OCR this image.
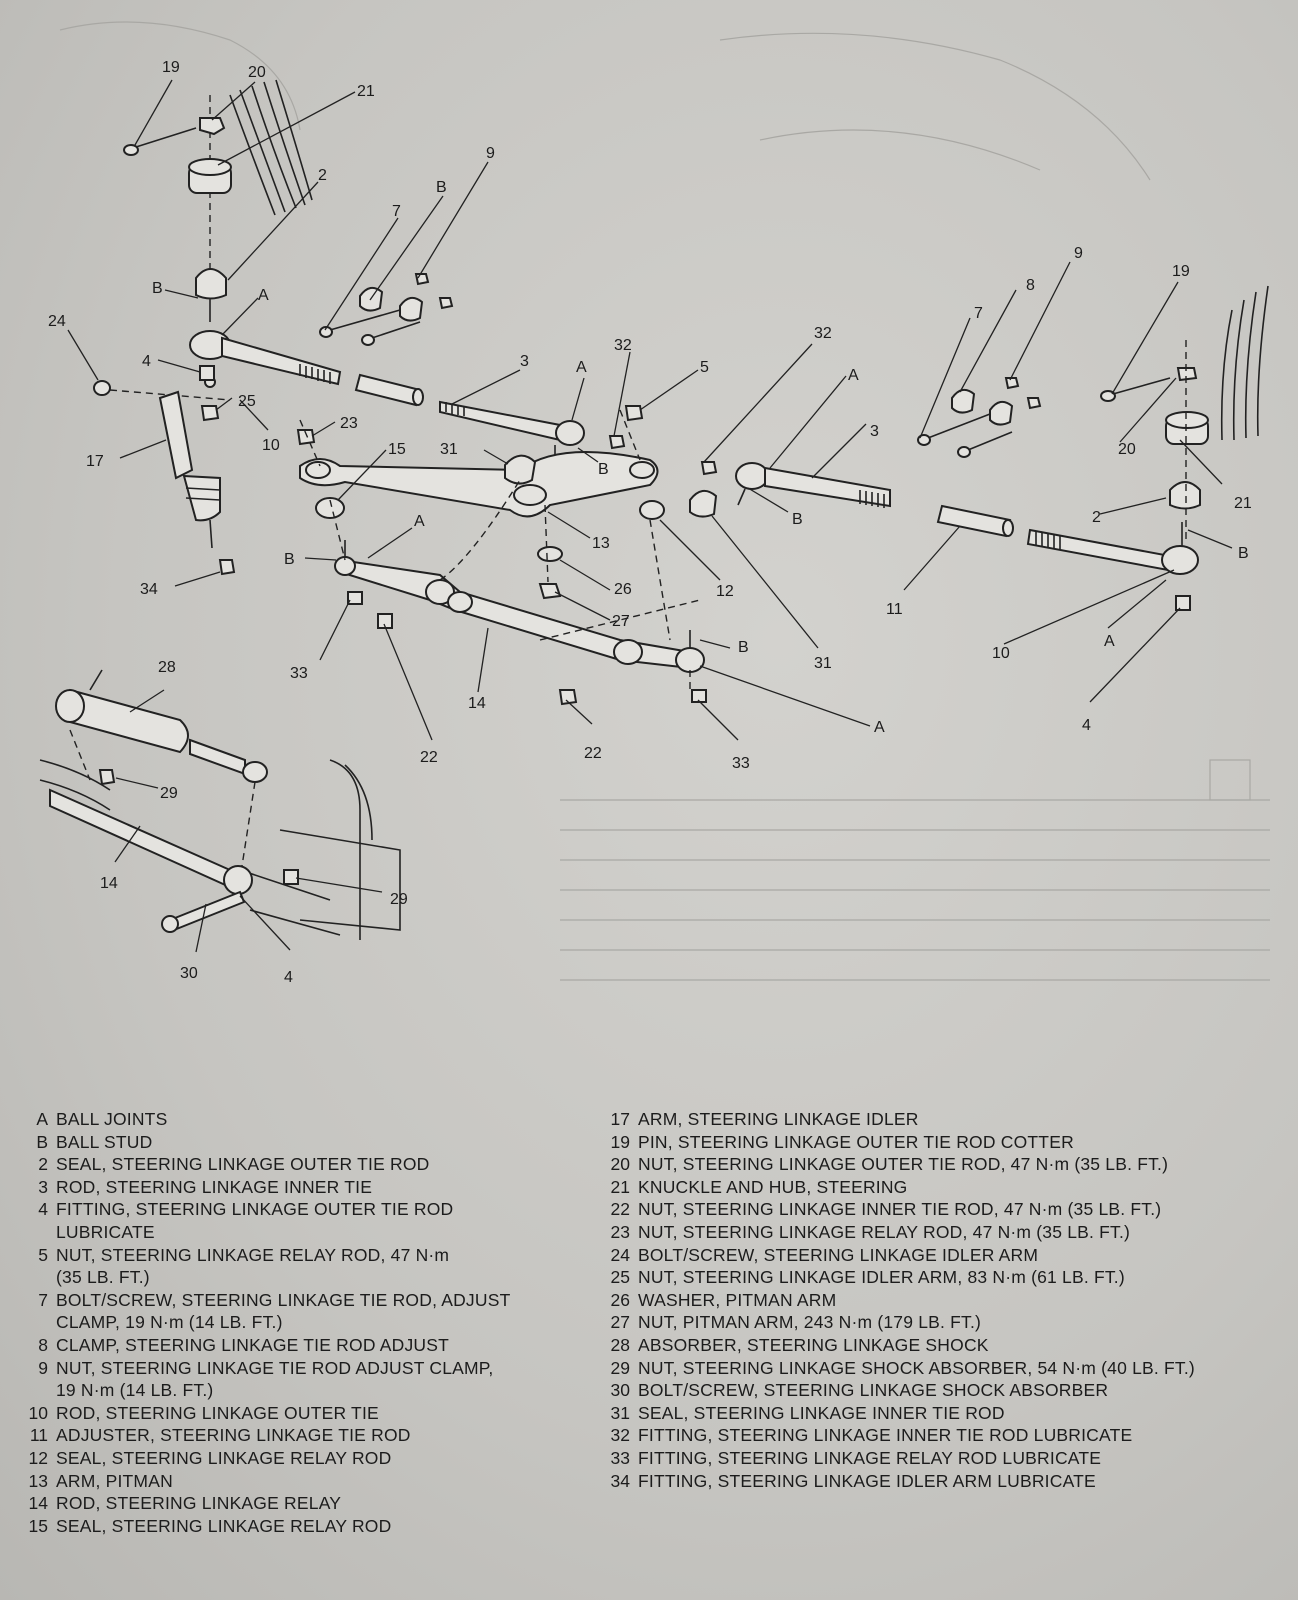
19	20
21
2
B	A
24
4
25
17
10
23
34
7
B
9
3	A
32
5
31
B
15
A
B
13
26
27
12
33
14
22	22
B
33
A
32
A
3
B
31
11
7
8
9
19
20
21
2
B
10
A
4
28
29
14
29
30	4
A BALL JOINTS
B BALL STUD
2 SEAL, STEERING LINKAGE OUTER TIE ROD
3 ROD, STEERING LINKAGE INNER TIE
4 FITTING, STEERING LINKAGE OUTER TIE ROD
LUBRICATE
5 NUT, STEERING LINKAGE RELAY ROD, 47 N·m
(35 LB. FT.)
7 BOLT/SCREW, STEERING LINKAGE TIE ROD, ADJUST
CLAMP, 19 N·m (14 LB. FT.)
8 CLAMP, STEERING LINKAGE TIE ROD ADJUST
9 NUT, STEERING LINKAGE TIE ROD ADJUST CLAMP,
19 N·m (14 LB. FT.)
10 ROD, STEERING LINKAGE OUTER TIE
11 ADJUSTER, STEERING LINKAGE TIE ROD
12 SEAL, STEERING LINKAGE RELAY ROD
13 ARM, PITMAN
14 ROD, STEERING LINKAGE RELAY
15 SEAL, STEERING LINKAGE RELAY ROD
17 ARM, STEERING LINKAGE IDLER
19 PIN, STEERING LINKAGE OUTER TIE ROD COTTER
20 NUT, STEERING LINKAGE OUTER TIE ROD, 47 N·m (35 LB. FT.)
21 KNUCKLE AND HUB, STEERING
22 NUT, STEERING LINKAGE INNER TIE ROD, 47 N·m (35 LB. FT.)
23 NUT, STEERING LINKAGE RELAY ROD, 47 N·m (35 LB. FT.)
24 BOLT/SCREW, STEERING LINKAGE IDLER ARM
25 NUT, STEERING LINKAGE IDLER ARM, 83 N·m (61 LB. FT.)
26 WASHER, PITMAN ARM
27 NUT, PITMAN ARM, 243 N·m (179 LB. FT.)
28 ABSORBER, STEERING LINKAGE SHOCK
29 NUT, STEERING LINKAGE SHOCK ABSORBER, 54 N·m (40 LB. FT.)
30 BOLT/SCREW, STEERING LINKAGE SHOCK ABSORBER
31 SEAL, STEERING LINKAGE INNER TIE ROD
32 FITTING, STEERING LINKAGE INNER TIE ROD LUBRICATE
33 FITTING, STEERING LINKAGE RELAY ROD LUBRICATE
34 FITTING, STEERING LINKAGE IDLER ARM LUBRICATE
